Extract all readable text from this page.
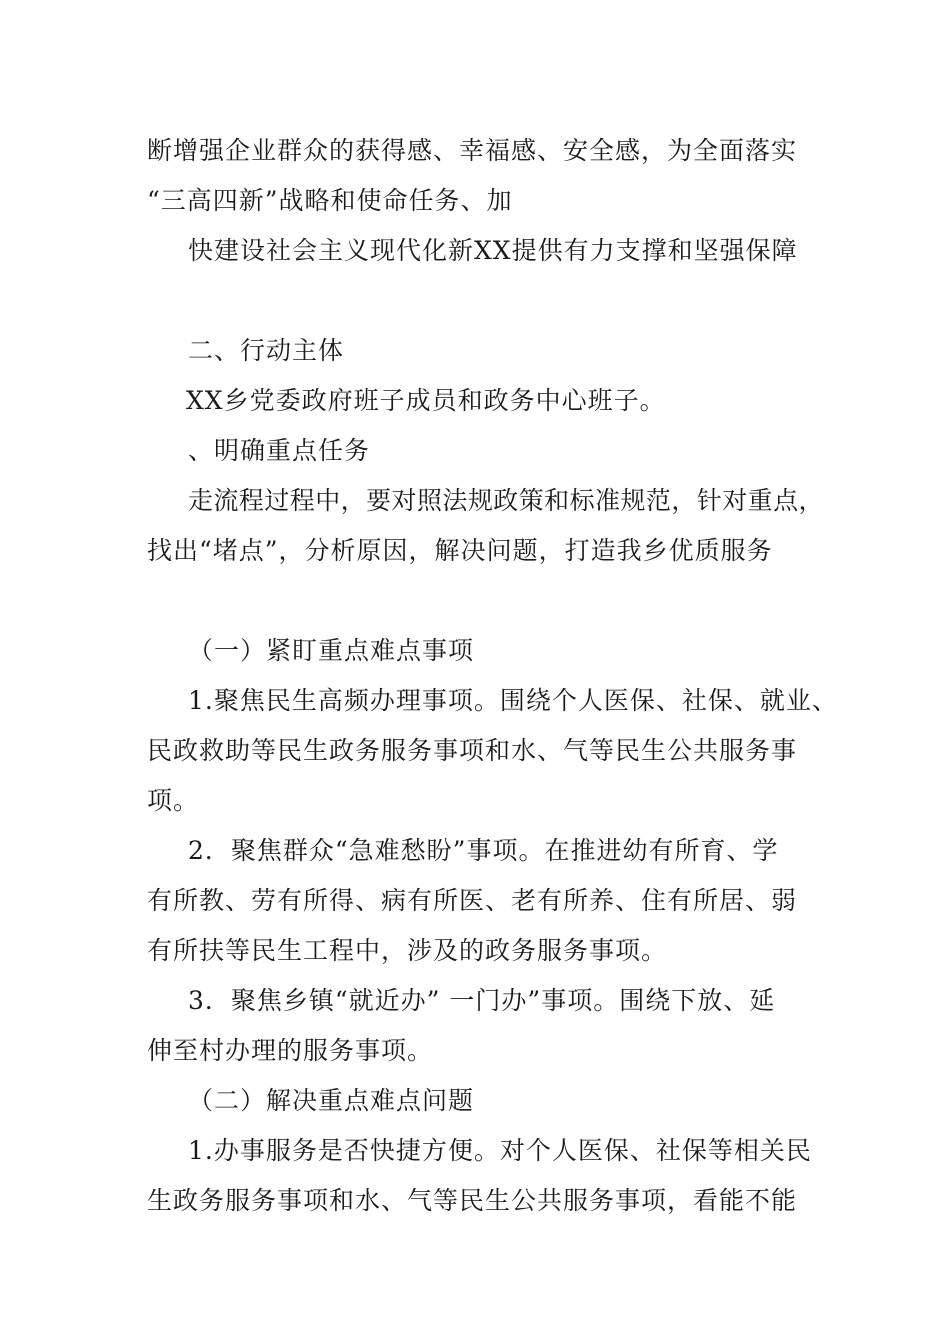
断增强企业群众的获得感、幸福感、安全感，为全面落实
“三高四新”战略和使命任务、加
快建设社会主义现代化新XX提供有力支撑和坚强保障
二、行动主体
XX乡党委政府班子成员和政务中心班子。
、明确重点任务
走流程过程中，要对照法规政策和标准规范，针对重点，
找出“堵点”，分析原因，解决问题，打造我乡优质服务
（一）紧盯重点难点事项
1.聚焦民生高频办理事项。围绕个人医保、社保、就业、
民政救助等民生政务服务事项和水、气等民生公共服务事
项。
2．聚焦群众“急难愁盼”事项。在推进幼有所育、学
有所教、劳有所得、病有所医、老有所养、住有所居、弱
有所扶等民生工程中，涉及的政务服务事项。
3．聚焦乡镇“就近办” 一门办”事项。围绕下放、延
伸至村办理的服务事项。
（二）解决重点难点问题
1.办事服务是否快捷方便。对个人医保、社保等相关民
生政务服务事项和水、气等民生公共服务事项，看能不能
